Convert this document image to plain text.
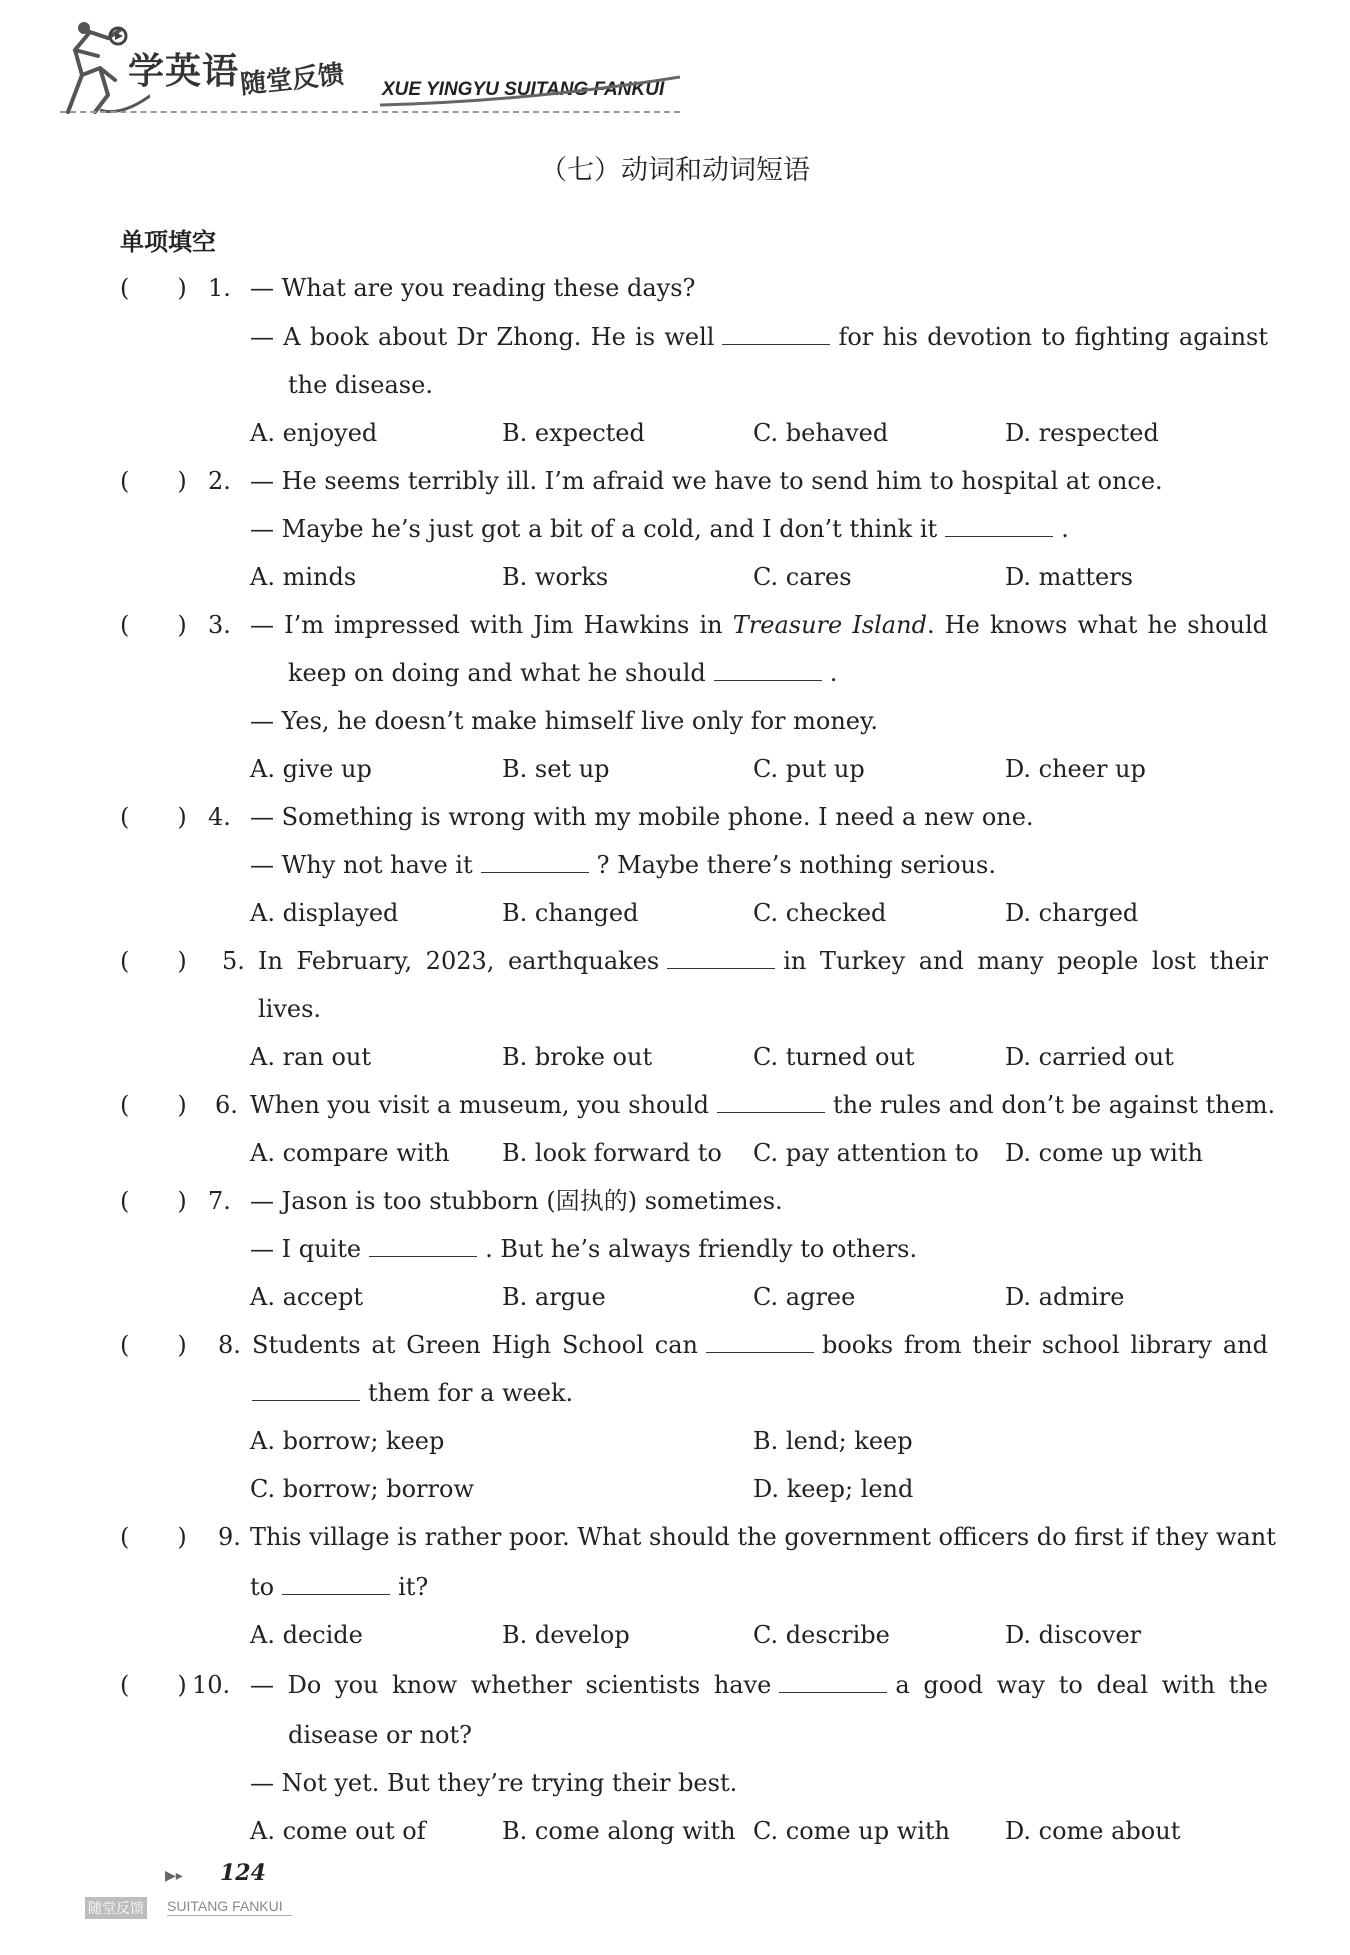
学英语 随堂反馈 XUE YINGYU SUITANG FANKUI
（七）动词和动词短语
单项填空
(　　) 1. — What are you reading these days?
— A book about Dr Zhong. He is well	for his devotion to fighting against
the disease.
A. enjoyed	B. expected	C. behaved	D. respected
(　　) 2. — He seems terribly ill. I’m afraid we have to send him to hospital at once.
— Maybe he’s just got a bit of a cold, and I don’t think it	.
A. minds	B. works	C. cares	D. matters
(　　) 3. — I’m impressed with Jim Hawkins in Treasure Island. He knows what he should
keep on doing and what he should	.
— Yes, he doesn’t make himself live only for money.
A. give up	B. set up	C. put up	D. cheer up
(　　) 4. — Something is wrong with my mobile phone. I need a new one.
— Why not have it	? Maybe there’s nothing serious.
A. displayed	B. changed	C. checked	D. charged
(　　) 5. In February, 2023, earthquakes	in Turkey and many people lost their
lives.
A. ran out	B. broke out	C. turned out	D. carried out
(　　) 6. When you visit a museum, you should	the rules and don’t be against them.
A. compare with B. look forward to C. pay attention to D. come up with
(　　) 7. — Jason is too stubborn (固执的) sometimes.
— I quite	. But he’s always friendly to others.
A. accept	B. argue	C. agree	D. admire
(　　) 8. Students at Green High School can	books from their school library and
them for a week.
A. borrow; keep	B. lend; keep
C. borrow; borrow	D. keep; lend
(　　) 9. This village is rather poor. What should the government officers do first if they want
to	it?
A. decide	B. develop	C. describe	D. discover
(　　) 10. — Do you know whether scientists have	a good way to deal with the
disease or not?
— Not yet. But they’re trying their best.
A. come out of	B. come along with C. come up with D. come about
▶▸ 124
随堂反馈 SUITANG FANKUI
